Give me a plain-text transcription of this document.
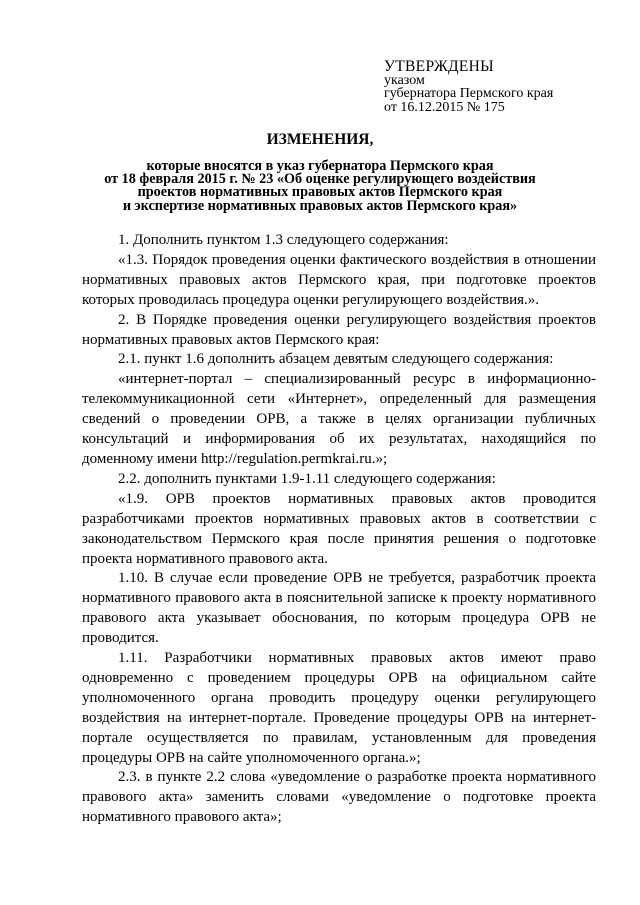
УТВЕРЖДЕНЫ
указом
губернатора Пермского края
от 16.12.2015 № 175
ИЗМЕНЕНИЯ,
которые вносятся в указ губернатора Пермского края
от 18 февраля 2015 г. № 23 «Об оценке регулирующего воздействия
проектов нормативных правовых актов Пермского края
и экспертизе нормативных правовых актов Пермского края»

1. Дополнить пунктом 1.3 следующего содержания:

«1.3. Порядок проведения оценки фактического воздействия в отношении нормативных правовых актов Пермского края, при подготовке проектов которых проводилась процедура оценки регулирующего воздействия.».

2. В Порядке проведения оценки регулирующего воздействия проектов нормативных правовых актов Пермского края:

2.1. пункт 1.6 дополнить абзацем девятым следующего содержания:

«интернет-портал – специализированный ресурс в информационно-телекоммуникационной сети «Интернет», определенный для размещения сведений о проведении ОРВ, а также в целях организации публичных консультаций и информирования об их результатах, находящийся по доменному имени http://regulation.permkrai.ru.»;

2.2. дополнить пунктами 1.9-1.11 следующего содержания:

«1.9. ОРВ проектов нормативных правовых актов проводится разработчиками проектов нормативных правовых актов в соответствии с законодательством Пермского края после принятия решения о подготовке проекта нормативного правового акта.

1.10. В случае если проведение ОРВ не требуется, разработчик проекта нормативного правового акта в пояснительной записке к проекту нормативного правового акта указывает обоснования, по которым процедура ОРВ не проводится.

1.11. Разработчики нормативных правовых актов имеют право одновременно с проведением процедуры ОРВ на официальном сайте уполномоченного органа проводить процедуру оценки регулирующего воздействия на интернет-портале. Проведение процедуры ОРВ на интернет-портале осуществляется по правилам, установленным для проведения процедуры ОРВ на сайте уполномоченного органа.»;

2.3. в пункте 2.2 слова «уведомление о разработке проекта нормативного правового акта» заменить словами «уведомление о подготовке проекта нормативного правового акта»;
